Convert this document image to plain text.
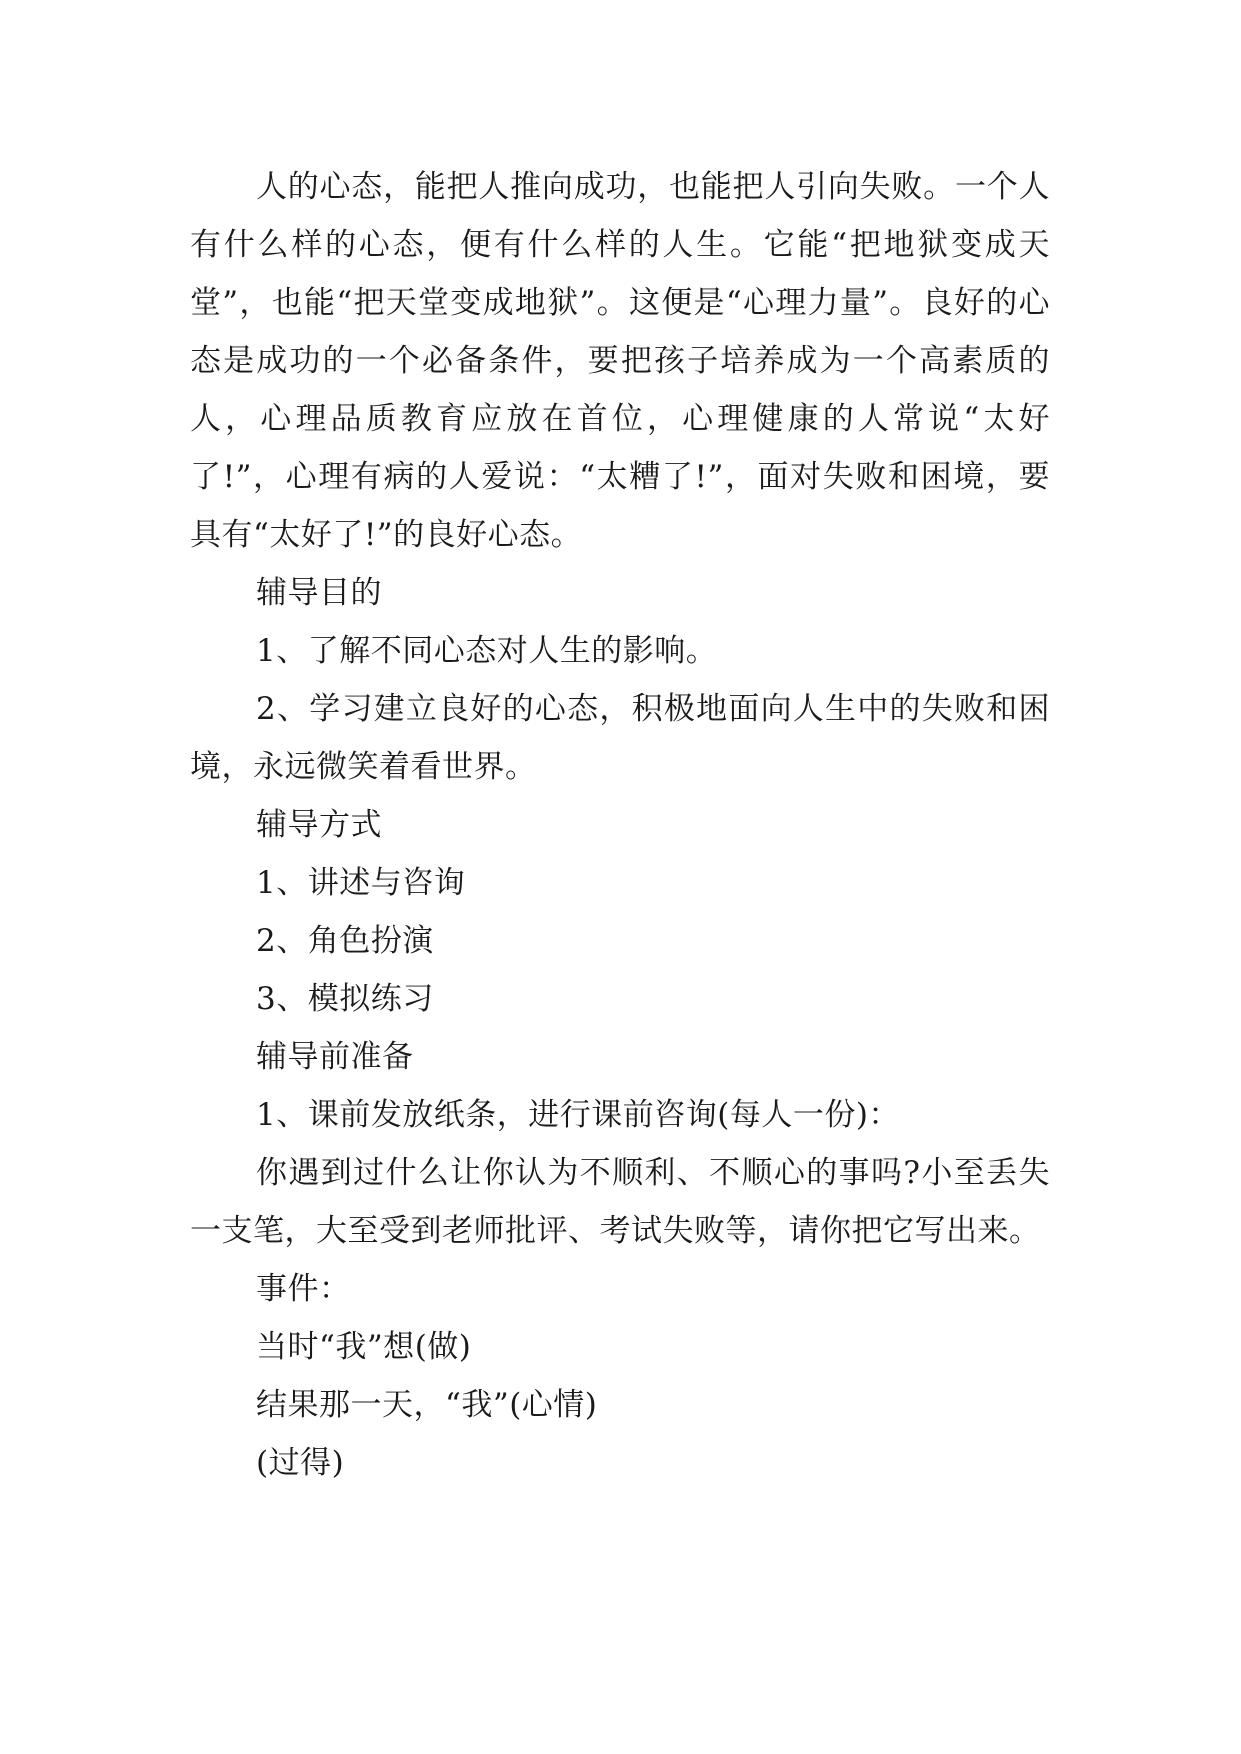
人的心态，能把人推向成功，也能把人引向失败。一个人有什么样的心态，便有什么样的人生。它能“把地狱变成天堂”，也能“把天堂变成地狱”。这便是“心理力量”。良好的心态是成功的一个必备条件，要把孩子培养成为一个高素质的人，心理品质教育应放在首位，心理健康的人常说“太好了!”，心理有病的人爱说：“太糟了!”，面对失败和困境，要具有“太好了!”的良好心态。

辅导目的

1、了解不同心态对人生的影响。

2、学习建立良好的心态，积极地面向人生中的失败和困境，永远微笑着看世界。

辅导方式

1、讲述与咨询

2、角色扮演

3、模拟练习

辅导前准备

1、课前发放纸条，进行课前咨询(每人一份)：

你遇到过什么让你认为不顺利、不顺心的事吗?小至丢失一支笔，大至受到老师批评、考试失败等，请你把它写出来。

事件：

当时“我”想(做)

结果那一天，“我”(心情)

(过得)
